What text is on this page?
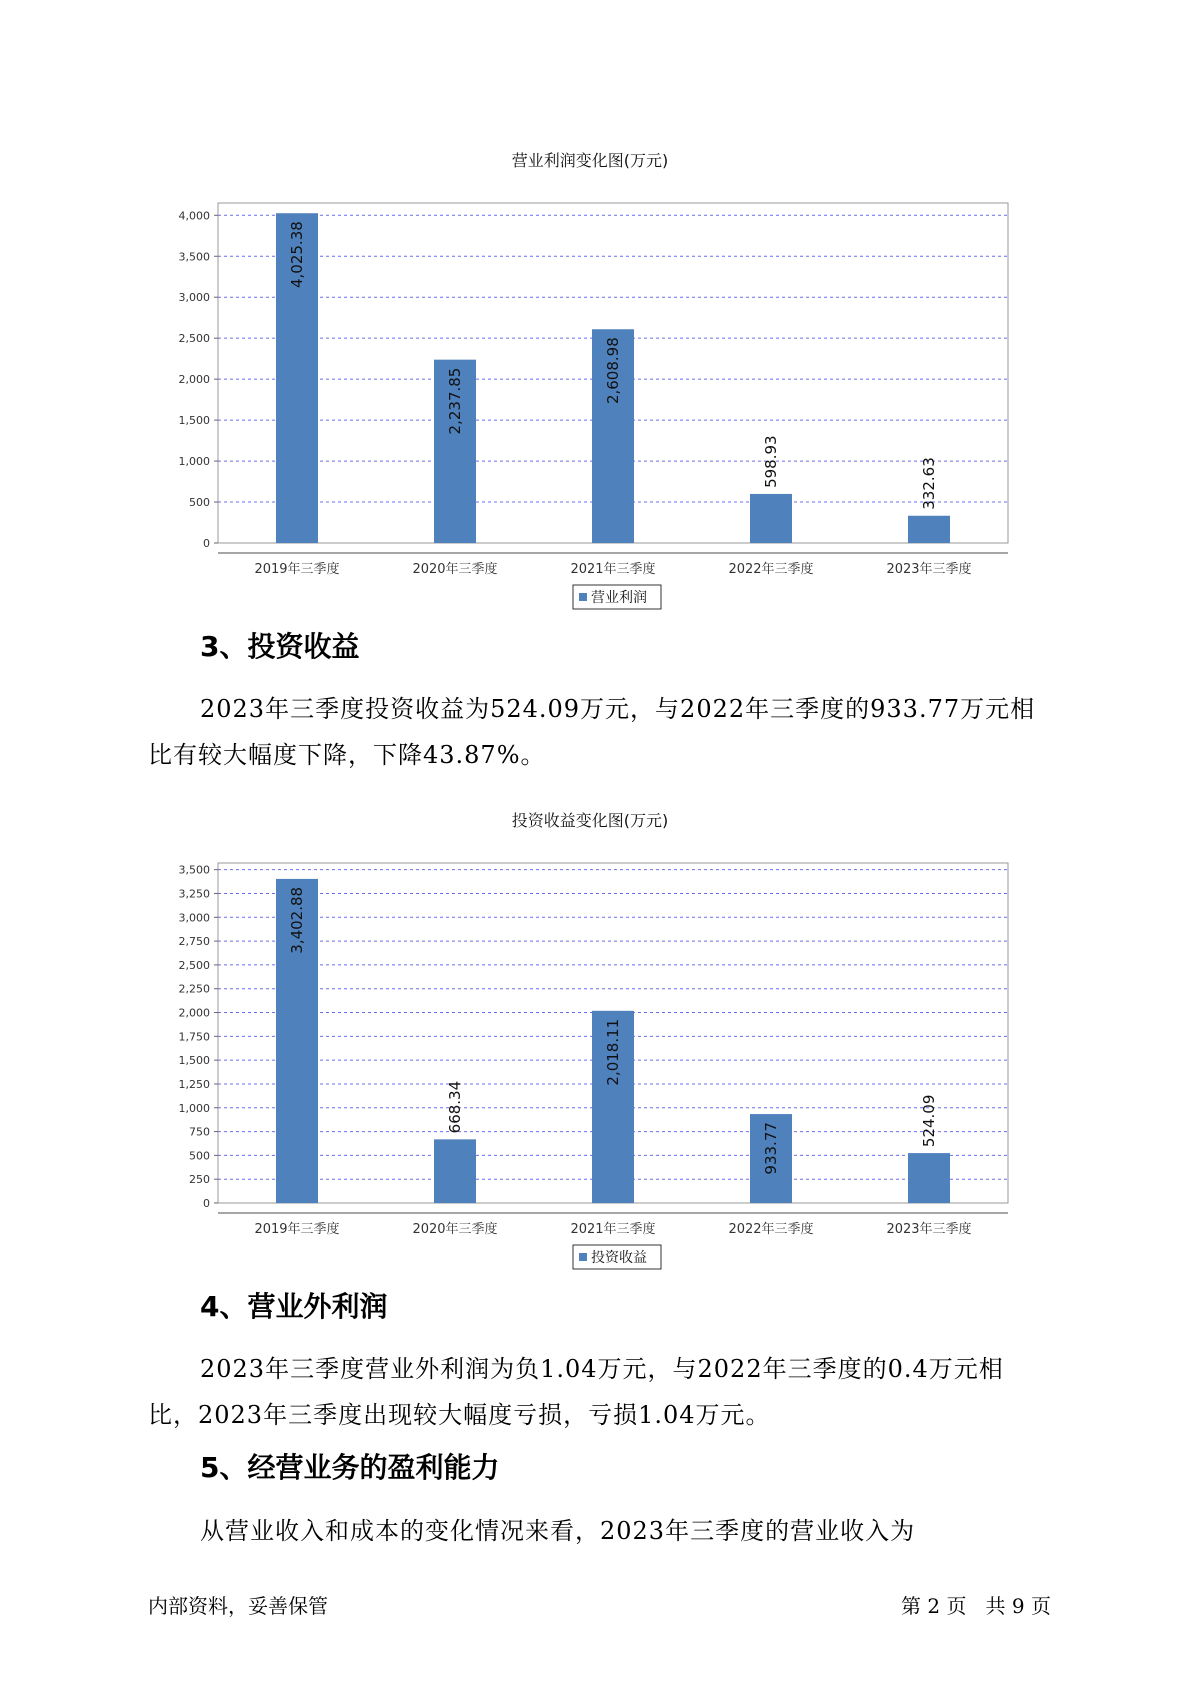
营业利润变化图(万元)

0
500
1,000
1,500
2,000
2,500
3,000
3,500
4,000
4,025.38
2019年三季度
2,237.85
2020年三季度
2,608.98
2021年三季度
598.93
2022年三季度
332.63
2023年三季度
营业利润
3、投资收益

2023年三季度投资收益为524.09万元，与2022年三季度的933.77万元相比有较大幅度下降，下降43.87%。

投资收益变化图(万元)

0
250
500
750
1,000
1,250
1,500
1,750
2,000
2,250
2,500
2,750
3,000
3,250
3,500
3,402.88
2019年三季度
668.34
2020年三季度
2,018.11
2021年三季度
933.77
2022年三季度
524.09
2023年三季度
投资收益
4、营业外利润

2023年三季度营业外利润为负1.04万元，与2022年三季度的0.4万元相比，2023年三季度出现较大幅度亏损，亏损1.04万元。

5、经营业务的盈利能力

从营业收入和成本的变化情况来看，2023年三季度的营业收入为

内部资料，妥善保管	第 2 页   共 9 页
